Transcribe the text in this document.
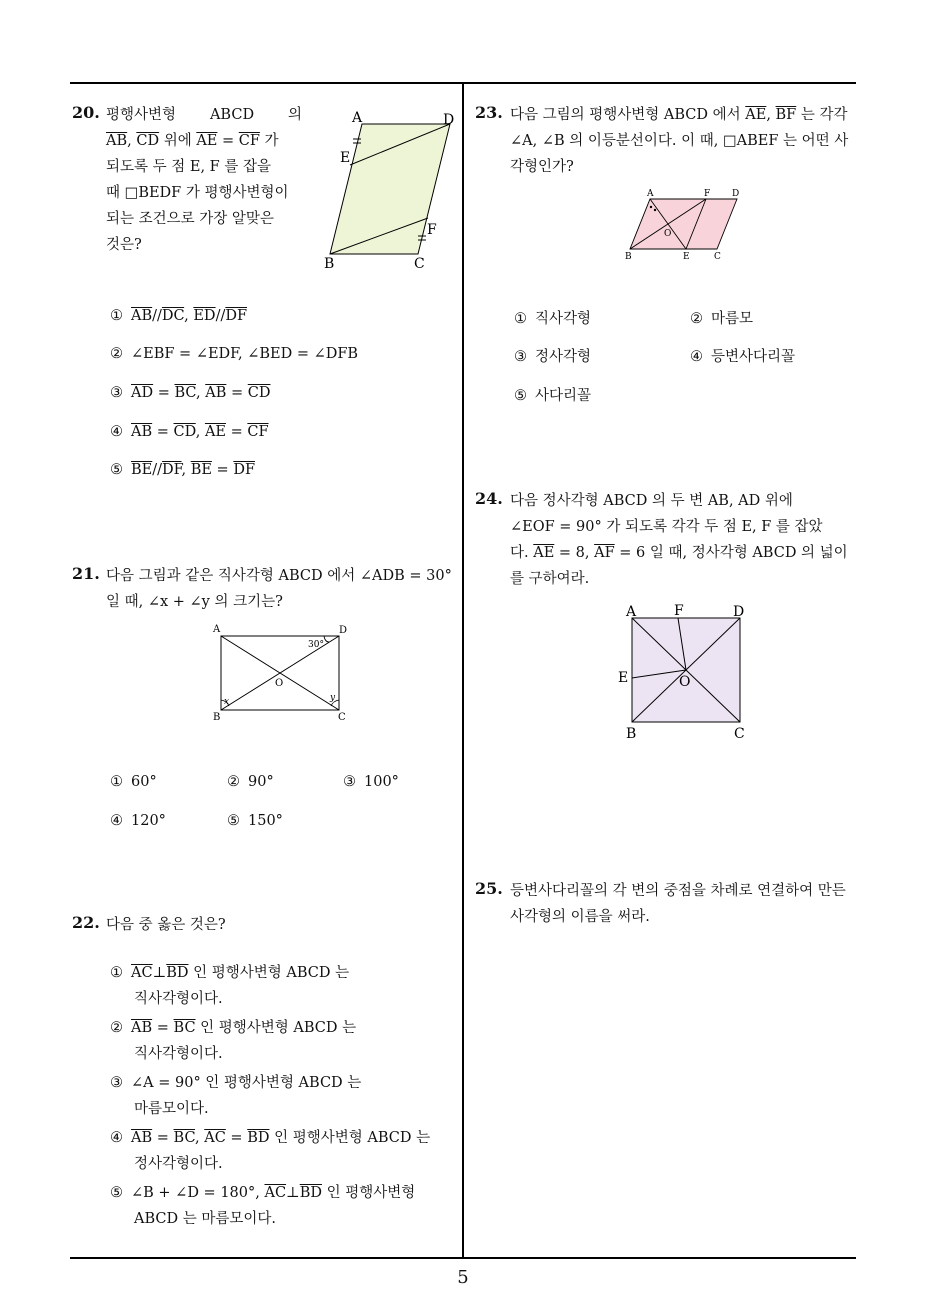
20. 평행사변형 ABCD 의
$\overline{AB}$, $\overline{CD}$ 위에 $\overline{AE} = \overline{CF}$ 가
되도록 두 점 E, F 를 잡을
때 □BEDF 가 평행사변형이
되는 조건으로 가장 알맞은
것은?
A	D
E
F
B	C
① $\overline{AB}//\overline{DC}$, $\overline{ED}//\overline{DF}$
② ∠EBF = ∠EDF, ∠BED = ∠DFB
③ $\overline{AD} = \overline{BC}$, $\overline{AB} = \overline{CD}$
④ $\overline{AB} = \overline{CD}$, $\overline{AE} = \overline{CF}$
⑤ $\overline{BE}//\overline{DF}$, $\overline{BE} = \overline{DF}$
21. 다음 그림과 같은 직사각형 ABCD 에서 ∠ADB = 30°
일 때, ∠x + ∠y 의 크기는?
A	D
30°
O
x	y
B	C
① 60°	② 90°	③ 100°
④ 120°	⑤ 150°
22. 다음 중 옳은 것은?
① $\overline{AC}\perp\overline{BD}$ 인 평행사변형 ABCD 는
직사각형이다.
② $\overline{AB} = \overline{BC}$ 인 평행사변형 ABCD 는
직사각형이다.
③ ∠A = 90° 인 평행사변형 ABCD 는
마름모이다.
④ $\overline{AB} = \overline{BC}$, $\overline{AC} = \overline{BD}$ 인 평행사변형 ABCD 는
정사각형이다.
⑤ ∠B + ∠D = 180°, $\overline{AC}\perp\overline{BD}$ 인 평행사변형
ABCD 는 마름모이다.
23. 다음 그림의 평행사변형 ABCD 에서 $\overline{AE}$, $\overline{BF}$ 는 각각
∠A, ∠B 의 이등분선이다. 이 때, □ABEF 는 어떤 사
각형인가?
A	F D
O
B	E	C
① 직사각형	② 마름모
③ 정사각형	④ 등변사다리꼴
⑤ 사다리꼴
24. 다음 정사각형 ABCD 의 두 변 AB, AD 위에
∠EOF = 90° 가 되도록 각각 두 점 E, F 를 잡았
다. $\overline{AE} = 8$, $\overline{AF} = 6$ 일 때, 정사각형 ABCD 의 넓이
를 구하여라.
A	F	D
E	O
B	C
25. 등변사다리꼴의 각 변의 중점을 차례로 연결하여 만든
사각형의 이름을 써라.
5
